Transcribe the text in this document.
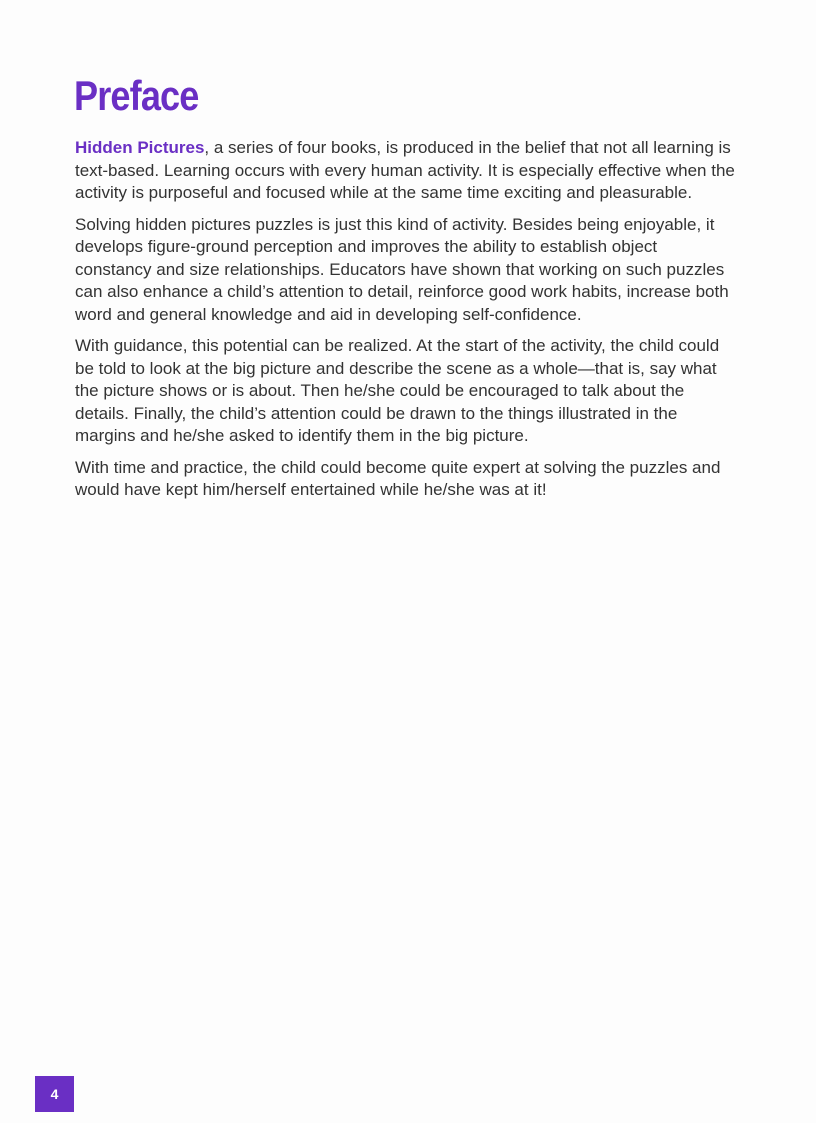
Preface

Hidden Pictures, a series of four books, is produced in the belief that not all learning is text-based. Learning occurs with every human activity. It is especially effective when the activity is purposeful and focused while at the same time exciting and pleasurable.

Solving hidden pictures puzzles is just this kind of activity. Besides being enjoyable, it develops figure-ground perception and improves the ability to establish object constancy and size relationships. Educators have shown that working on such puzzles can also enhance a child’s attention to detail, reinforce good work habits, increase both word and general knowledge and aid in developing self-confidence.

With guidance, this potential can be realized. At the start of the activity, the child could be told to look at the big picture and describe the scene as a whole—that is, say what the picture shows or is about. Then he/she could be encouraged to talk about the details. Finally, the child’s attention could be drawn to the things illustrated in the margins and he/she asked to identify them in the big picture.

With time and practice, the child could become quite expert at solving the puzzles and would have kept him/herself entertained while he/she was at it!

4
